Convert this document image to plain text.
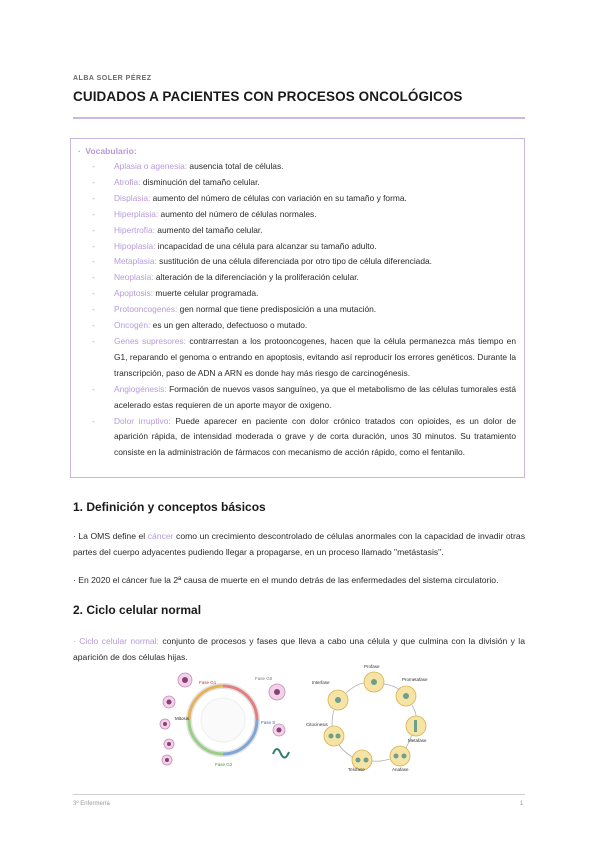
ALBA SOLER PÉREZ
CUIDADOS A PACIENTES CON PROCESOS ONCOLÓGICOS
· Vocabulario:
- Aplasia o agenesia: ausencia total de células.
- Atrofia: disminución del tamaño celular.
- Displasia: aumento del número de células con variación en su tamaño y forma.
- Hiperplasia: aumento del número de células normales.
- Hipertrofia: aumento del tamaño celular.
- Hipoplasia: incapacidad de una célula para alcanzar su tamaño adulto.
- Metaplasia: sustitución de una célula diferenciada por otro tipo de célula diferenciada.
- Neoplasia: alteración de la diferenciación y la proliferación celular.
- Apoptosis: muerte celular programada.
- Protooncogenes: gen normal que tiene predisposición a una mutación.
- Oncogén: es un gen alterado, defectuoso o mutado.
- Genes supresores: contrarrestan a los protooncogenes, hacen que la célula permanezca más tiempo en G1, reparando el genoma o entrando en apoptosis, evitando así reproducir los errores genéticos. Durante la transcripción, paso de ADN a ARN es donde hay más riesgo de carcinogénesis.
- Angiogénesis: Formación de nuevos vasos sanguíneo, ya que el metabolismo de las células tumorales está acelerado estas requieren de un aporte mayor de oxigeno.
- Dolor irruptivo: Puede aparecer en paciente con dolor crónico tratados con opioides, es un dolor de aparición rápida, de intensidad moderada o grave y de corta duración, unos 30 minutos. Su tratamiento consiste en la administración de fármacos con mecanismo de acción rápido, como el fentanilo.
1. Definición y conceptos básicos
· La OMS define el cáncer como un crecimiento descontrolado de células anormales con la capacidad de invadir otras partes del cuerpo adyacentes pudiendo llegar a propagarse, en un proceso llamado "metástasis".
· En 2020 el cáncer fue la 2ª causa de muerte en el mundo detrás de las enfermedades del sistema circulatorio.
2. Ciclo celular normal
· Ciclo celular normal: conjunto de procesos y fases que lleva a cabo una célula y que culmina con la división y la aparición de dos células hijas.
Fase G1
Fase S
Fase G2
Mitosis
Fase G0
Profase
Prometafase
Metafase
Anafase
Telofase
Citocinesis
Interfase
3º Enfermería	1
